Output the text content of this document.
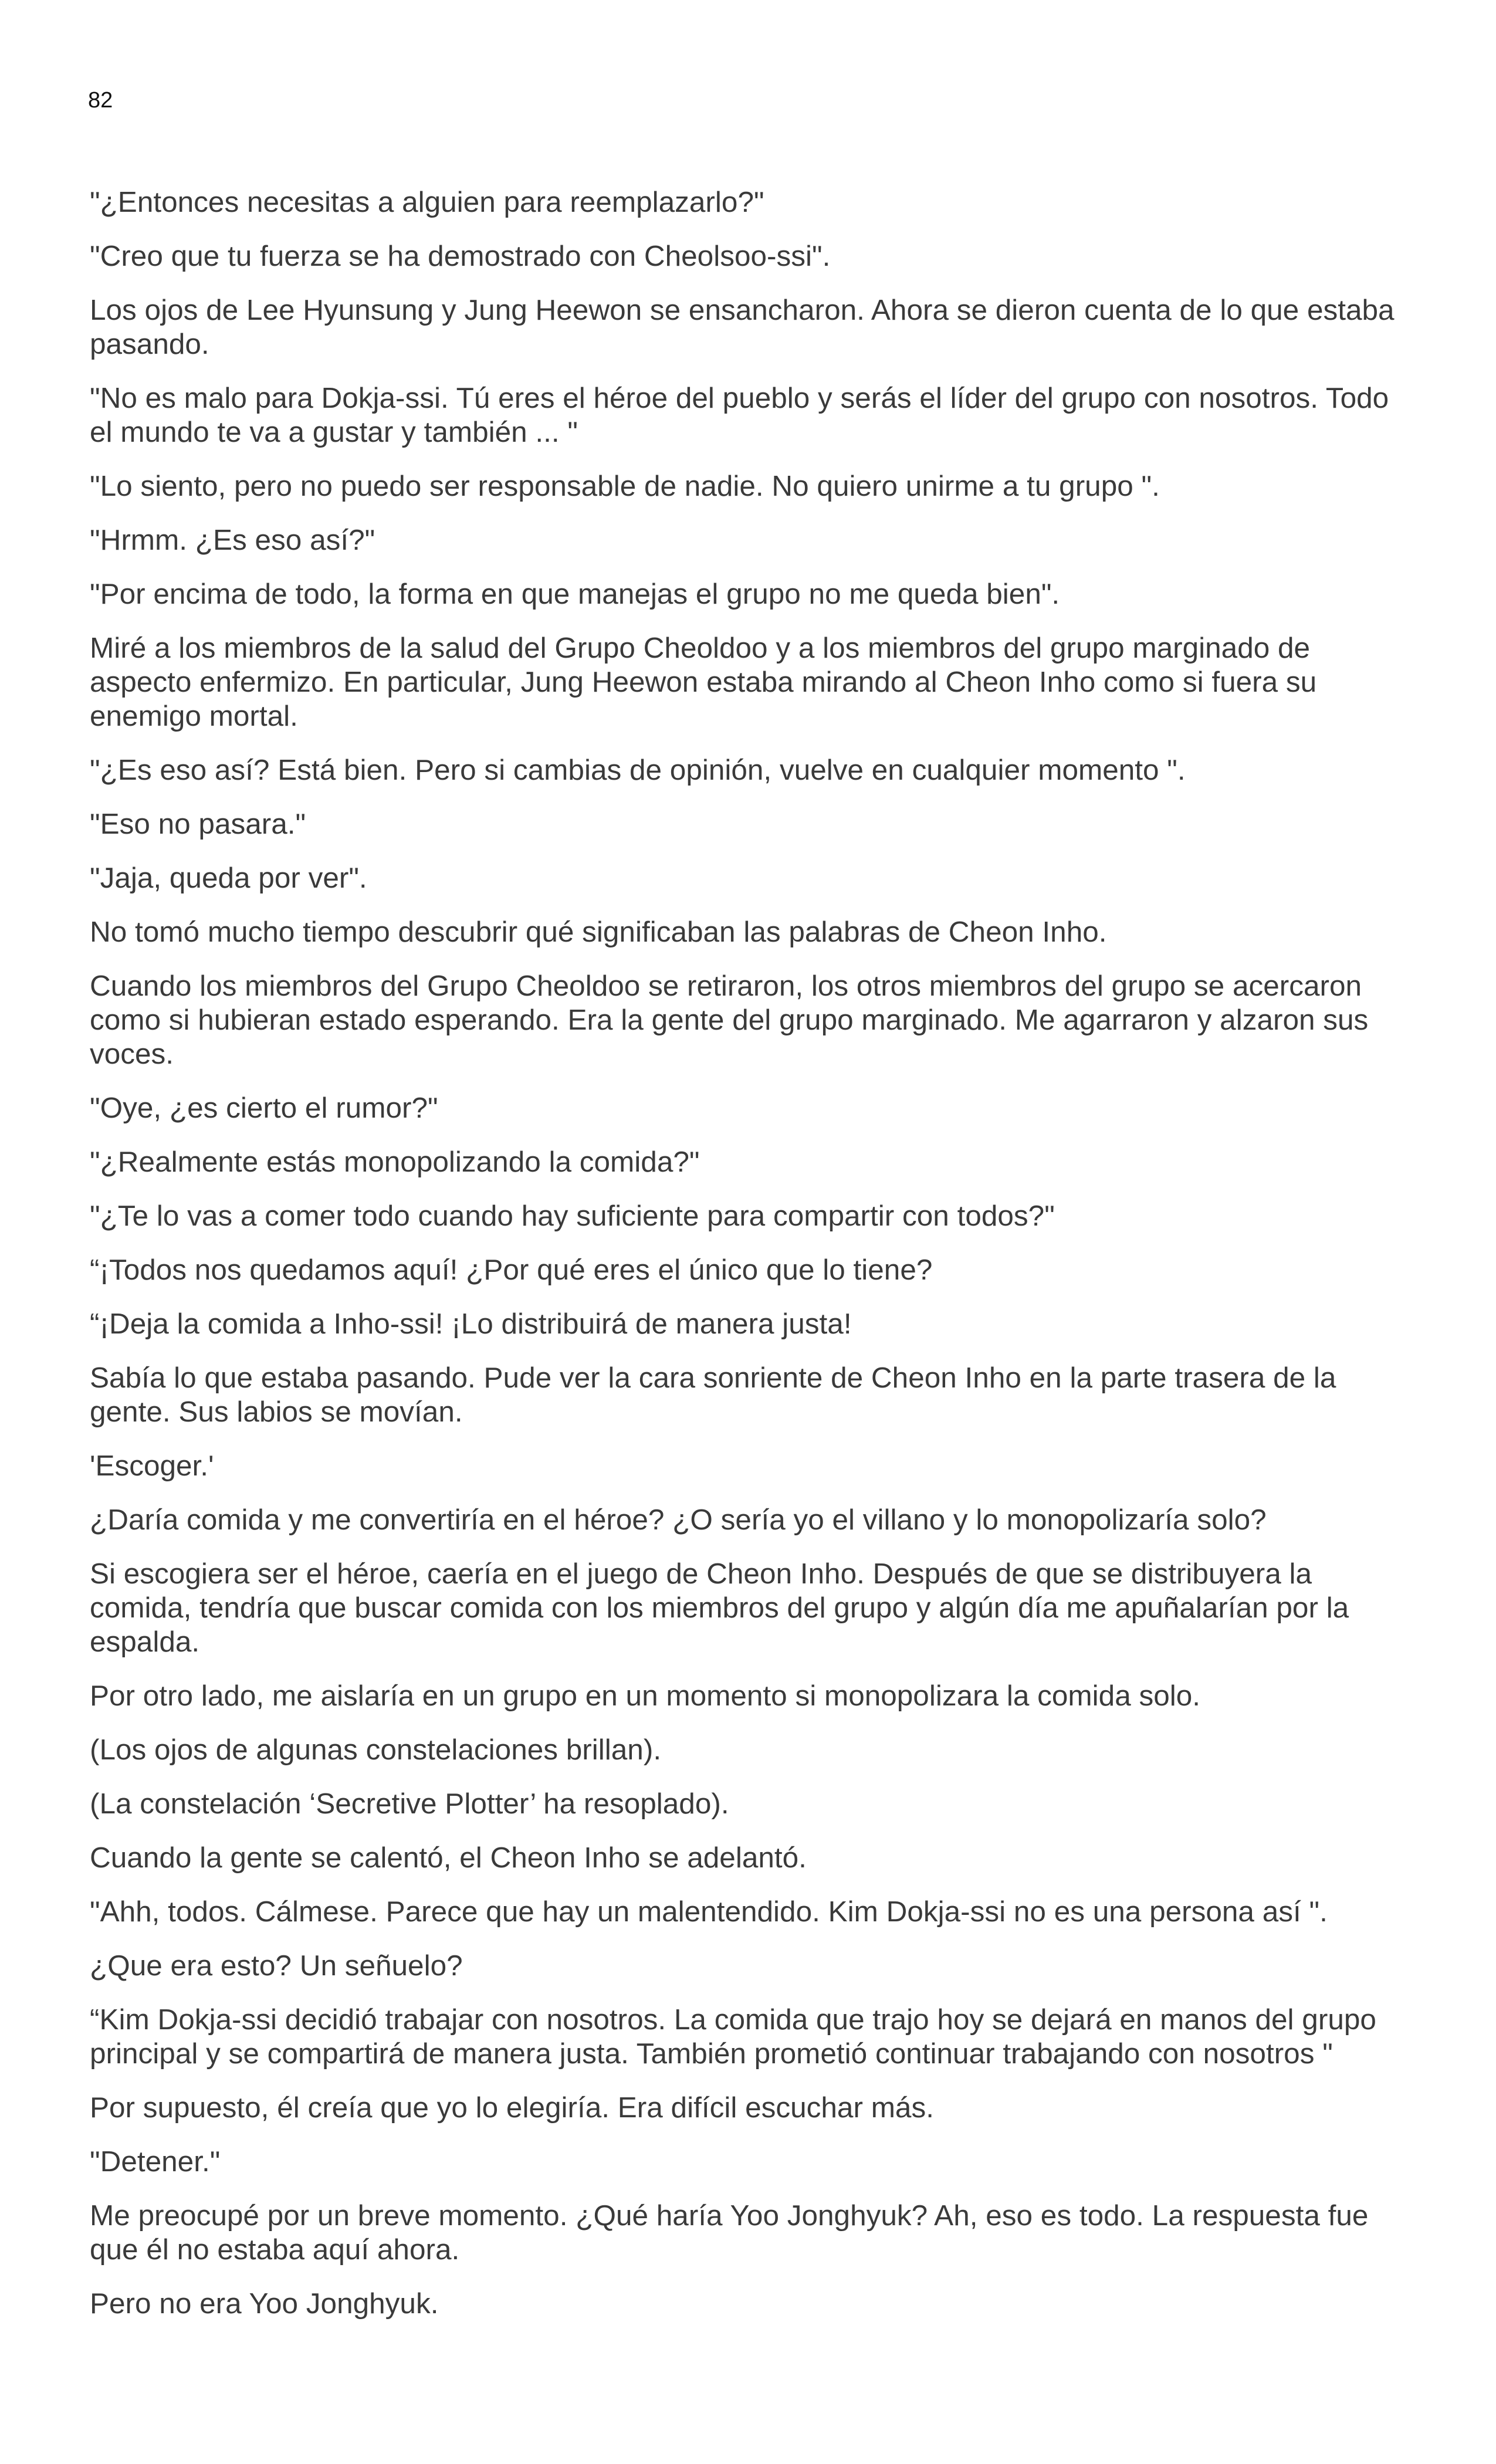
82

"¿Entonces necesitas a alguien para reemplazarlo?"

"Creo que tu fuerza se ha demostrado con Cheolsoo-ssi".

Los ojos de Lee Hyunsung y Jung Heewon se ensancharon. Ahora se dieron cuenta de lo que estaba pasando.

"No es malo para Dokja-ssi. Tú eres el héroe del pueblo y serás el líder del grupo con nosotros. Todo el mundo te va a gustar y también ... "

"Lo siento, pero no puedo ser responsable de nadie. No quiero unirme a tu grupo ".

"Hrmm. ¿Es eso así?"

"Por encima de todo, la forma en que manejas el grupo no me queda bien".

Miré a los miembros de la salud del Grupo Cheoldoo y a los miembros del grupo marginado de aspecto enfermizo. En particular, Jung Heewon estaba mirando al Cheon Inho como si fuera su enemigo mortal.

"¿Es eso así? Está bien. Pero si cambias de opinión, vuelve en cualquier momento ".

"Eso no pasara."

"Jaja, queda por ver".

No tomó mucho tiempo descubrir qué significaban las palabras de Cheon Inho.

Cuando los miembros del Grupo Cheoldoo se retiraron, los otros miembros del grupo se acercaron como si hubieran estado esperando. Era la gente del grupo marginado. Me agarraron y alzaron sus voces.

"Oye, ¿es cierto el rumor?"

"¿Realmente estás monopolizando la comida?"

"¿Te lo vas a comer todo cuando hay suficiente para compartir con todos?"

“¡Todos nos quedamos aquí! ¿Por qué eres el único que lo tiene?

“¡Deja la comida a Inho-ssi! ¡Lo distribuirá de manera justa!

Sabía lo que estaba pasando. Pude ver la cara sonriente de Cheon Inho en la parte trasera de la gente. Sus labios se movían.

'Escoger.'

¿Daría comida y me convertiría en el héroe? ¿O sería yo el villano y lo monopolizaría solo?

Si escogiera ser el héroe, caería en el juego de Cheon Inho. Después de que se distribuyera la comida, tendría que buscar comida con los miembros del grupo y algún día me apuñalarían por la espalda.

Por otro lado, me aislaría en un grupo en un momento si monopolizara la comida solo.

(Los ojos de algunas constelaciones brillan).

(La constelación ‘Secretive Plotter’ ha resoplado).

Cuando la gente se calentó, el Cheon Inho se adelantó.

"Ahh, todos. Cálmese. Parece que hay un malentendido. Kim Dokja-ssi no es una persona así ".

¿Que era esto? Un señuelo?

“Kim Dokja-ssi decidió trabajar con nosotros. La comida que trajo hoy se dejará en manos del grupo principal y se compartirá de manera justa. También prometió continuar trabajando con nosotros "

Por supuesto, él creía que yo lo elegiría. Era difícil escuchar más.

"Detener."

Me preocupé por un breve momento. ¿Qué haría Yoo Jonghyuk? Ah, eso es todo. La respuesta fue que él no estaba aquí ahora.

Pero no era Yoo Jonghyuk.
